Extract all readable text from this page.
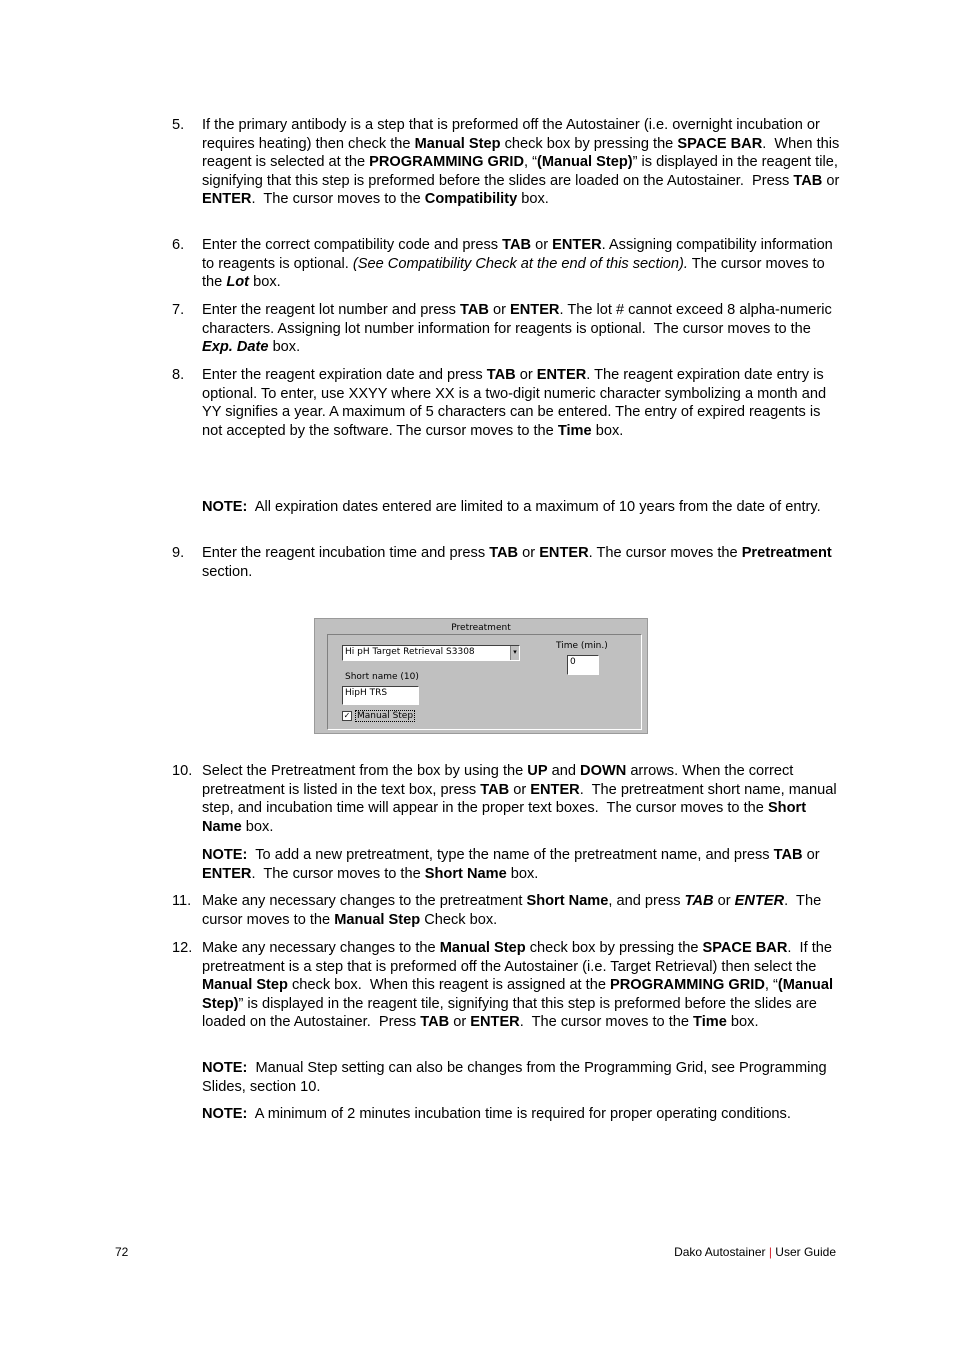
5. If the primary antibody is a step that is preformed off the Autostainer (i.e. overnight incubation or requires heating) then check the Manual Step check box by pressing the SPACE BAR.  When this reagent is selected at the PROGRAMMING GRID, “(Manual Step)” is displayed in the reagent tile, signifying that this step is preformed before the slides are loaded on the Autostainer.  Press TAB or ENTER.  The cursor moves to the Compatibility box.
6. Enter the correct compatibility code and press TAB or ENTER. Assigning compatibility information to reagents is optional. (See Compatibility Check at the end of this section). The cursor moves to the Lot box.
7. Enter the reagent lot number and press TAB or ENTER. The lot # cannot exceed 8 alpha-numeric characters. Assigning lot number information for reagents is optional.  The cursor moves to the Exp. Date box.
8. Enter the reagent expiration date and press TAB or ENTER. The reagent expiration date entry is optional. To enter, use XXYY where XX is a two-digit numeric character symbolizing a month and YY signifies a year. A maximum of 5 characters can be entered. The entry of expired reagents is not accepted by the software. The cursor moves to the Time box.
NOTE: All expiration dates entered are limited to a maximum of 10 years from the date of entry.
9. Enter the reagent incubation time and press TAB or ENTER. The cursor moves the Pretreatment section.
Pretreatment
Hi pH Target Retrieval S3308	▾
Time (min.)
0
Short name (10)
HipH TRS
✓ Manual Step
10. Select the Pretreatment from the box by using the UP and DOWN arrows. When the correct pretreatment is listed in the text box, press TAB or ENTER.  The pretreatment short name, manual step, and incubation time will appear in the proper text boxes.  The cursor moves to the Short Name box.
NOTE: To add a new pretreatment, type the name of the pretreatment name, and press TAB or ENTER.  The cursor moves to the Short Name box.
11. Make any necessary changes to the pretreatment Short Name, and press TAB or ENTER.  The cursor moves to the Manual Step Check box.
12. Make any necessary changes to the Manual Step check box by pressing the SPACE BAR.  If the pretreatment is a step that is preformed off the Autostainer (i.e. Target Retrieval) then select the Manual Step check box.  When this reagent is assigned at the PROGRAMMING GRID, “(Manual Step)” is displayed in the reagent tile, signifying that this step is preformed before the slides are loaded on the Autostainer.  Press TAB or ENTER.  The cursor moves to the Time box.
NOTE: Manual Step setting can also be changes from the Programming Grid, see Programming Slides, section 10.
NOTE: A minimum of 2 minutes incubation time is required for proper operating conditions.
72	Dako Autostainer | User Guide
